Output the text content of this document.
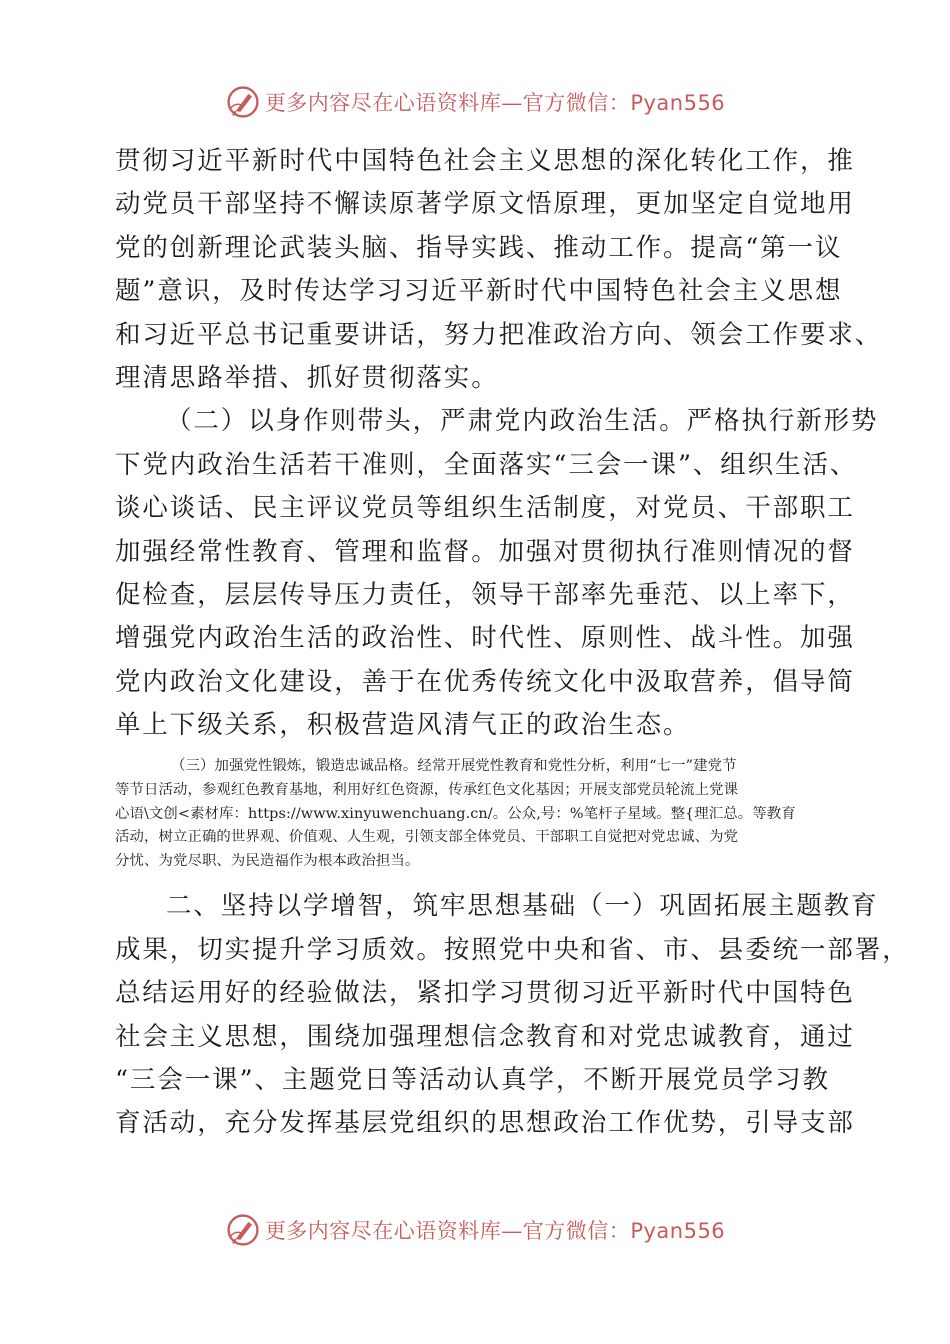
更多内容尽在心语资料库—官方微信：Pyan556
贯彻习近平新时代中国特色社会主义思想的深化转化工作，推
动党员干部坚持不懈读原著学原文悟原理，更加坚定自觉地用
党的创新理论武装头脑、指导实践、推动工作。提高“第一议
题”意识，及时传达学习习近平新时代中国特色社会主义思想
和习近平总书记重要讲话，努力把准政治方向、领会工作要求、
理清思路举措、抓好贯彻落实。
（二）以身作则带头，严肃党内政治生活。严格执行新形势
下党内政治生活若干准则，全面落实“三会一课”、组织生活、
谈心谈话、民主评议党员等组织生活制度，对党员、干部职工
加强经常性教育、管理和监督。加强对贯彻执行准则情况的督
促检查，层层传导压力责任，领导干部率先垂范、以上率下，
增强党内政治生活的政治性、时代性、原则性、战斗性。加强
党内政治文化建设，善于在优秀传统文化中汲取营养，倡导简
单上下级关系，积极营造风清气正的政治生态。
（三）加强党性锻炼，锻造忠诚品格。经常开展党性教育和党性分析，利用“七一”建党节
等节日活动，参观红色教育基地，利用好红色资源，传承红色文化基因；开展支部党员轮流上党课
心语\文创<素材库：https://www.xinyuwenchuang.cn/。公众,号：%笔杆子星域。整{理汇总。等教育
活动，树立正确的世界观、价值观、人生观，引领支部全体党员、干部职工自觉把对党忠诚、为党
分忧、为党尽职、为民造福作为根本政治担当。
二、坚持以学增智，筑牢思想基础（一）巩固拓展主题教育
成果，切实提升学习质效。按照党中央和省、市、县委统一部署，
总结运用好的经验做法，紧扣学习贯彻习近平新时代中国特色
社会主义思想，围绕加强理想信念教育和对党忠诚教育，通过
“三会一课”、主题党日等活动认真学，不断开展党员学习教
育活动，充分发挥基层党组织的思想政治工作优势，引导支部
更多内容尽在心语资料库—官方微信：Pyan556
